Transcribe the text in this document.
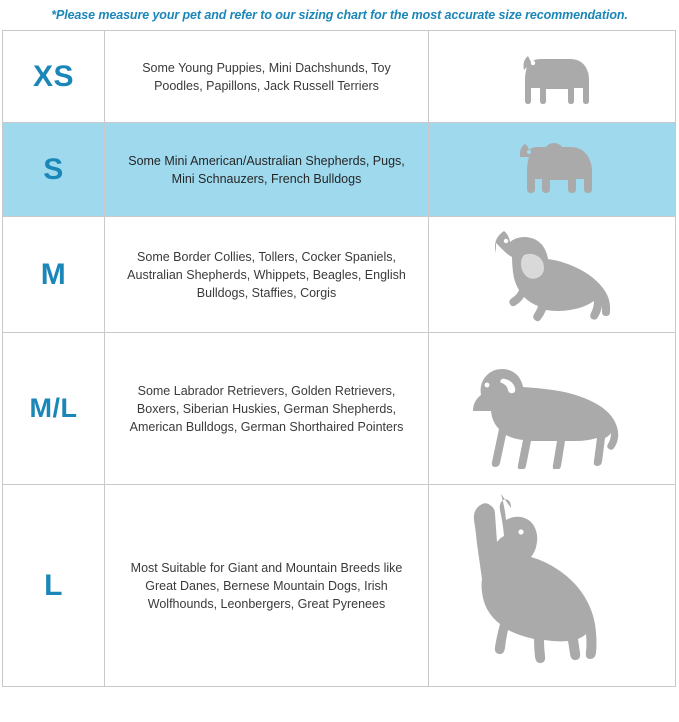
*Please measure your pet and refer to our sizing chart for the most accurate size recommendation.
XS	Some Young Puppies, Mini Dachshunds, Toy Poodles, Papillons, Jack Russell Terriers
S	Some Mini American/Australian Shepherds, Pugs, Mini Schnauzers, French Bulldogs
M
Some Border Collies, Tollers, Cocker Spaniels, Australian Shepherds, Whippets, Beagles, English Bulldogs, Staffies, Corgis
M/L
Some Labrador Retrievers, Golden Retrievers, Boxers, Siberian Huskies, German Shepherds, American Bulldogs, German Shorthaired Pointers
L
Most Suitable for Giant and Mountain Breeds like Great Danes, Bernese Mountain Dogs, Irish Wolfhounds, Leonbergers, Great Pyrenees
